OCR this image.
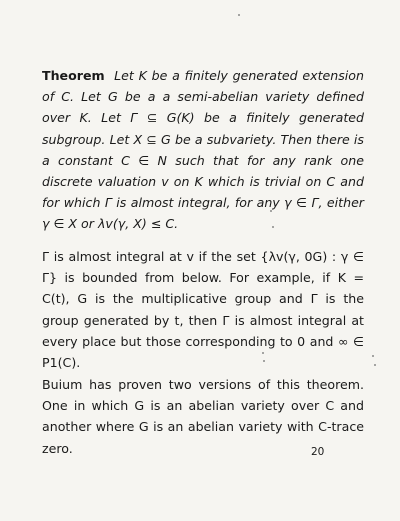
Theorem Let K be a finitely generated extension of C. Let G be a a semi-abelian variety defined over K. Let Γ ⊆ G(K) be a finitely generated subgroup. Let X ⊆ G be a subvariety. Then there is a constant C ∈ N such that for any rank one discrete valuation v on K which is trivial on C and for which Γ is almost integral, for any γ ∈ Γ, either γ ∈ X or λv(γ, X) ≤ C.

Γ is almost integral at v if the set {λv(γ, 0G) : γ ∈ Γ} is bounded from below. For example, if K = C(t), G is the multiplicative group and Γ is the group generated by t, then Γ is almost integral at every place but those corresponding to 0 and ∞ ∈ P1(C).

Buium has proven two versions of this theorem. One in which G is an abelian variety over C and another where G is an abelian variety with C-trace zero.	20
